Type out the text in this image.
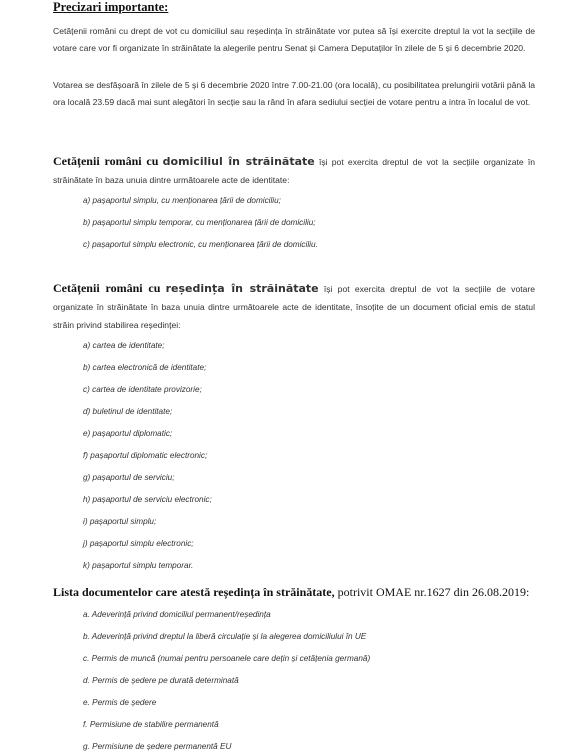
Precizari importante:
Cetățenii români cu drept de vot cu domiciliul sau reședința în străinătate vor putea să își exercite dreptul la vot la secțiile de votare care vor fi organizate în străinătate la alegerile pentru Senat și Camera Deputaților în zilele de 5 și 6 decembrie 2020.
Votarea se desfășoară în zilele de 5 și 6 decembrie 2020 între 7.00-21.00 (ora locală), cu posibilitatea prelungirii votării până la ora locală 23.59 dacă mai sunt alegători în secție sau la rând în afara sediului secției de votare pentru a intra în localul de vot.
Cetățenii români cu domiciliul în străinătate își pot exercita dreptul de vot la secțiile organizate în străinătate în baza unuia dintre următoarele acte de identitate:
a) pașaportul simplu, cu menționarea țării de domiciliu;
b) pașaportul simplu temporar, cu menționarea țării de domiciliu;
c) pașaportul simplu electronic, cu menționarea țării de domiciliu.
Cetățenii români cu reședința în străinătate își pot exercita dreptul de vot la secțiile de votare organizate în străinătate în baza unuia dintre următoarele acte de identitate, însoțite de un document oficial emis de statul străin privind stabilirea reședinței:
a) cartea de identitate;
b) cartea electronică de identitate;
c) cartea de identitate provizorie;
d) buletinul de identitate;
e) pașaportul diplomatic;
f) pașaportul diplomatic electronic;
g) pașaportul de serviciu;
h) pașaportul de serviciu electronic;
i) pașaportul simplu;
j) pașaportul simplu electronic;
k) pașaportul simplu temporar.
Lista documentelor care atestă reședința în străinătate, potrivit OMAE nr.1627 din 26.08.2019:
a. Adeverință privind domiciliul permanent/reședința
b. Adeverință privind dreptul la liberă circulație și la alegerea domiciliului în UE
c. Permis de muncă (numai pentru persoanele care dețin și cetățenia germană)
d. Permis de ședere pe durată determinată
e. Permis de ședere
f. Permisiune de stabilire permanentă
g. Permisiune de ședere permanentă EU
